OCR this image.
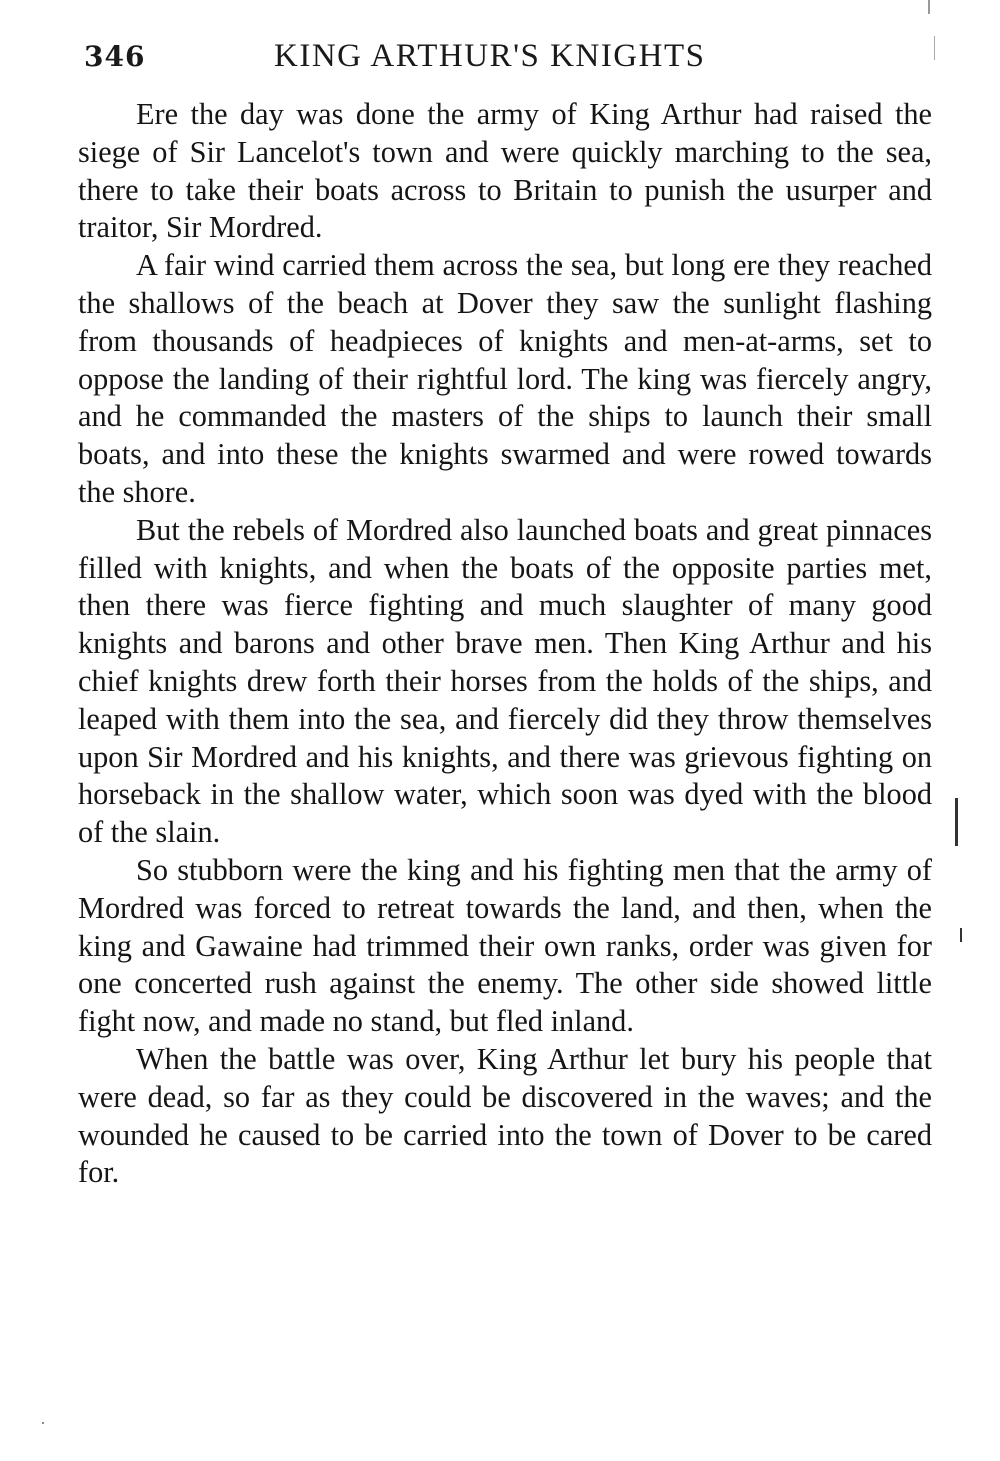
346	KING ARTHUR'S KNIGHTS

Ere the day was done the army of King Arthur had raised the siege of Sir Lancelot's town and were quickly marching to the sea, there to take their boats across to Britain to punish the usurper and traitor, Sir Mordred.

A fair wind carried them across the sea, but long ere they reached the shallows of the beach at Dover they saw the sunlight flashing from thousands of headpieces of knights and men-at-arms, set to oppose the landing of their rightful lord. The king was fiercely angry, and he commanded the masters of the ships to launch their small boats, and into these the knights swarmed and were rowed towards the shore.

But the rebels of Mordred also launched boats and great pinnaces filled with knights, and when the boats of the opposite parties met, then there was fierce fighting and much slaughter of many good knights and barons and other brave men. Then King Arthur and his chief knights drew forth their horses from the holds of the ships, and leaped with them into the sea, and fiercely did they throw themselves upon Sir Mordred and his knights, and there was grievous fighting on horseback in the shallow water, which soon was dyed with the blood of the slain.

So stubborn were the king and his fighting men that the army of Mordred was forced to retreat towards the land, and then, when the king and Gawaine had trimmed their own ranks, order was given for one concerted rush against the enemy. The other side showed little fight now, and made no stand, but fled inland.

When the battle was over, King Arthur let bury his people that were dead, so far as they could be discovered in the waves; and the wounded he caused to be carried into the town of Dover to be cared for.
